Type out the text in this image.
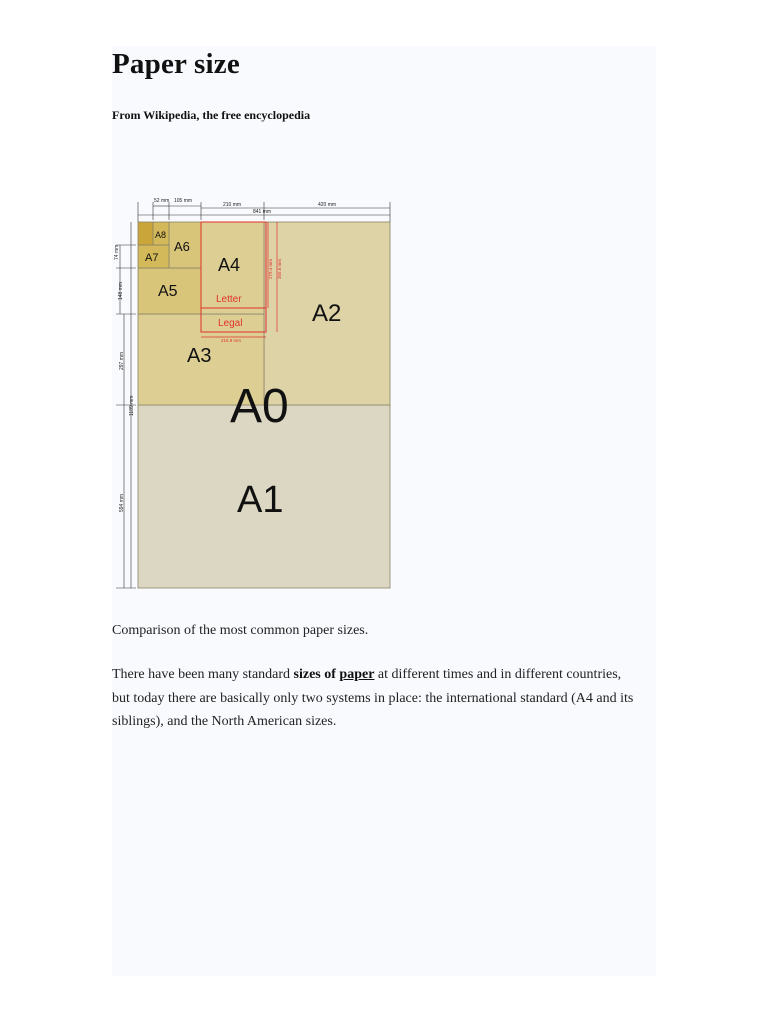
Paper size

From Wikipedia, the free encyclopedia

52 mm 105 mm
210 mm	420 mm
841 mm
74 mm
148 mm
297 mm
1189 mm
594 mm
279.4 mm 355.6 mm
215.9 mm
A0
A1
A2
A3
A4
A5
A6
A7
A8
Letter
Legal

Comparison of the most common paper sizes.

There have been many standard sizes of paper at different times and in different countries, but today there are basically only two systems in place: the international standard (A4 and its siblings), and the North American sizes.
